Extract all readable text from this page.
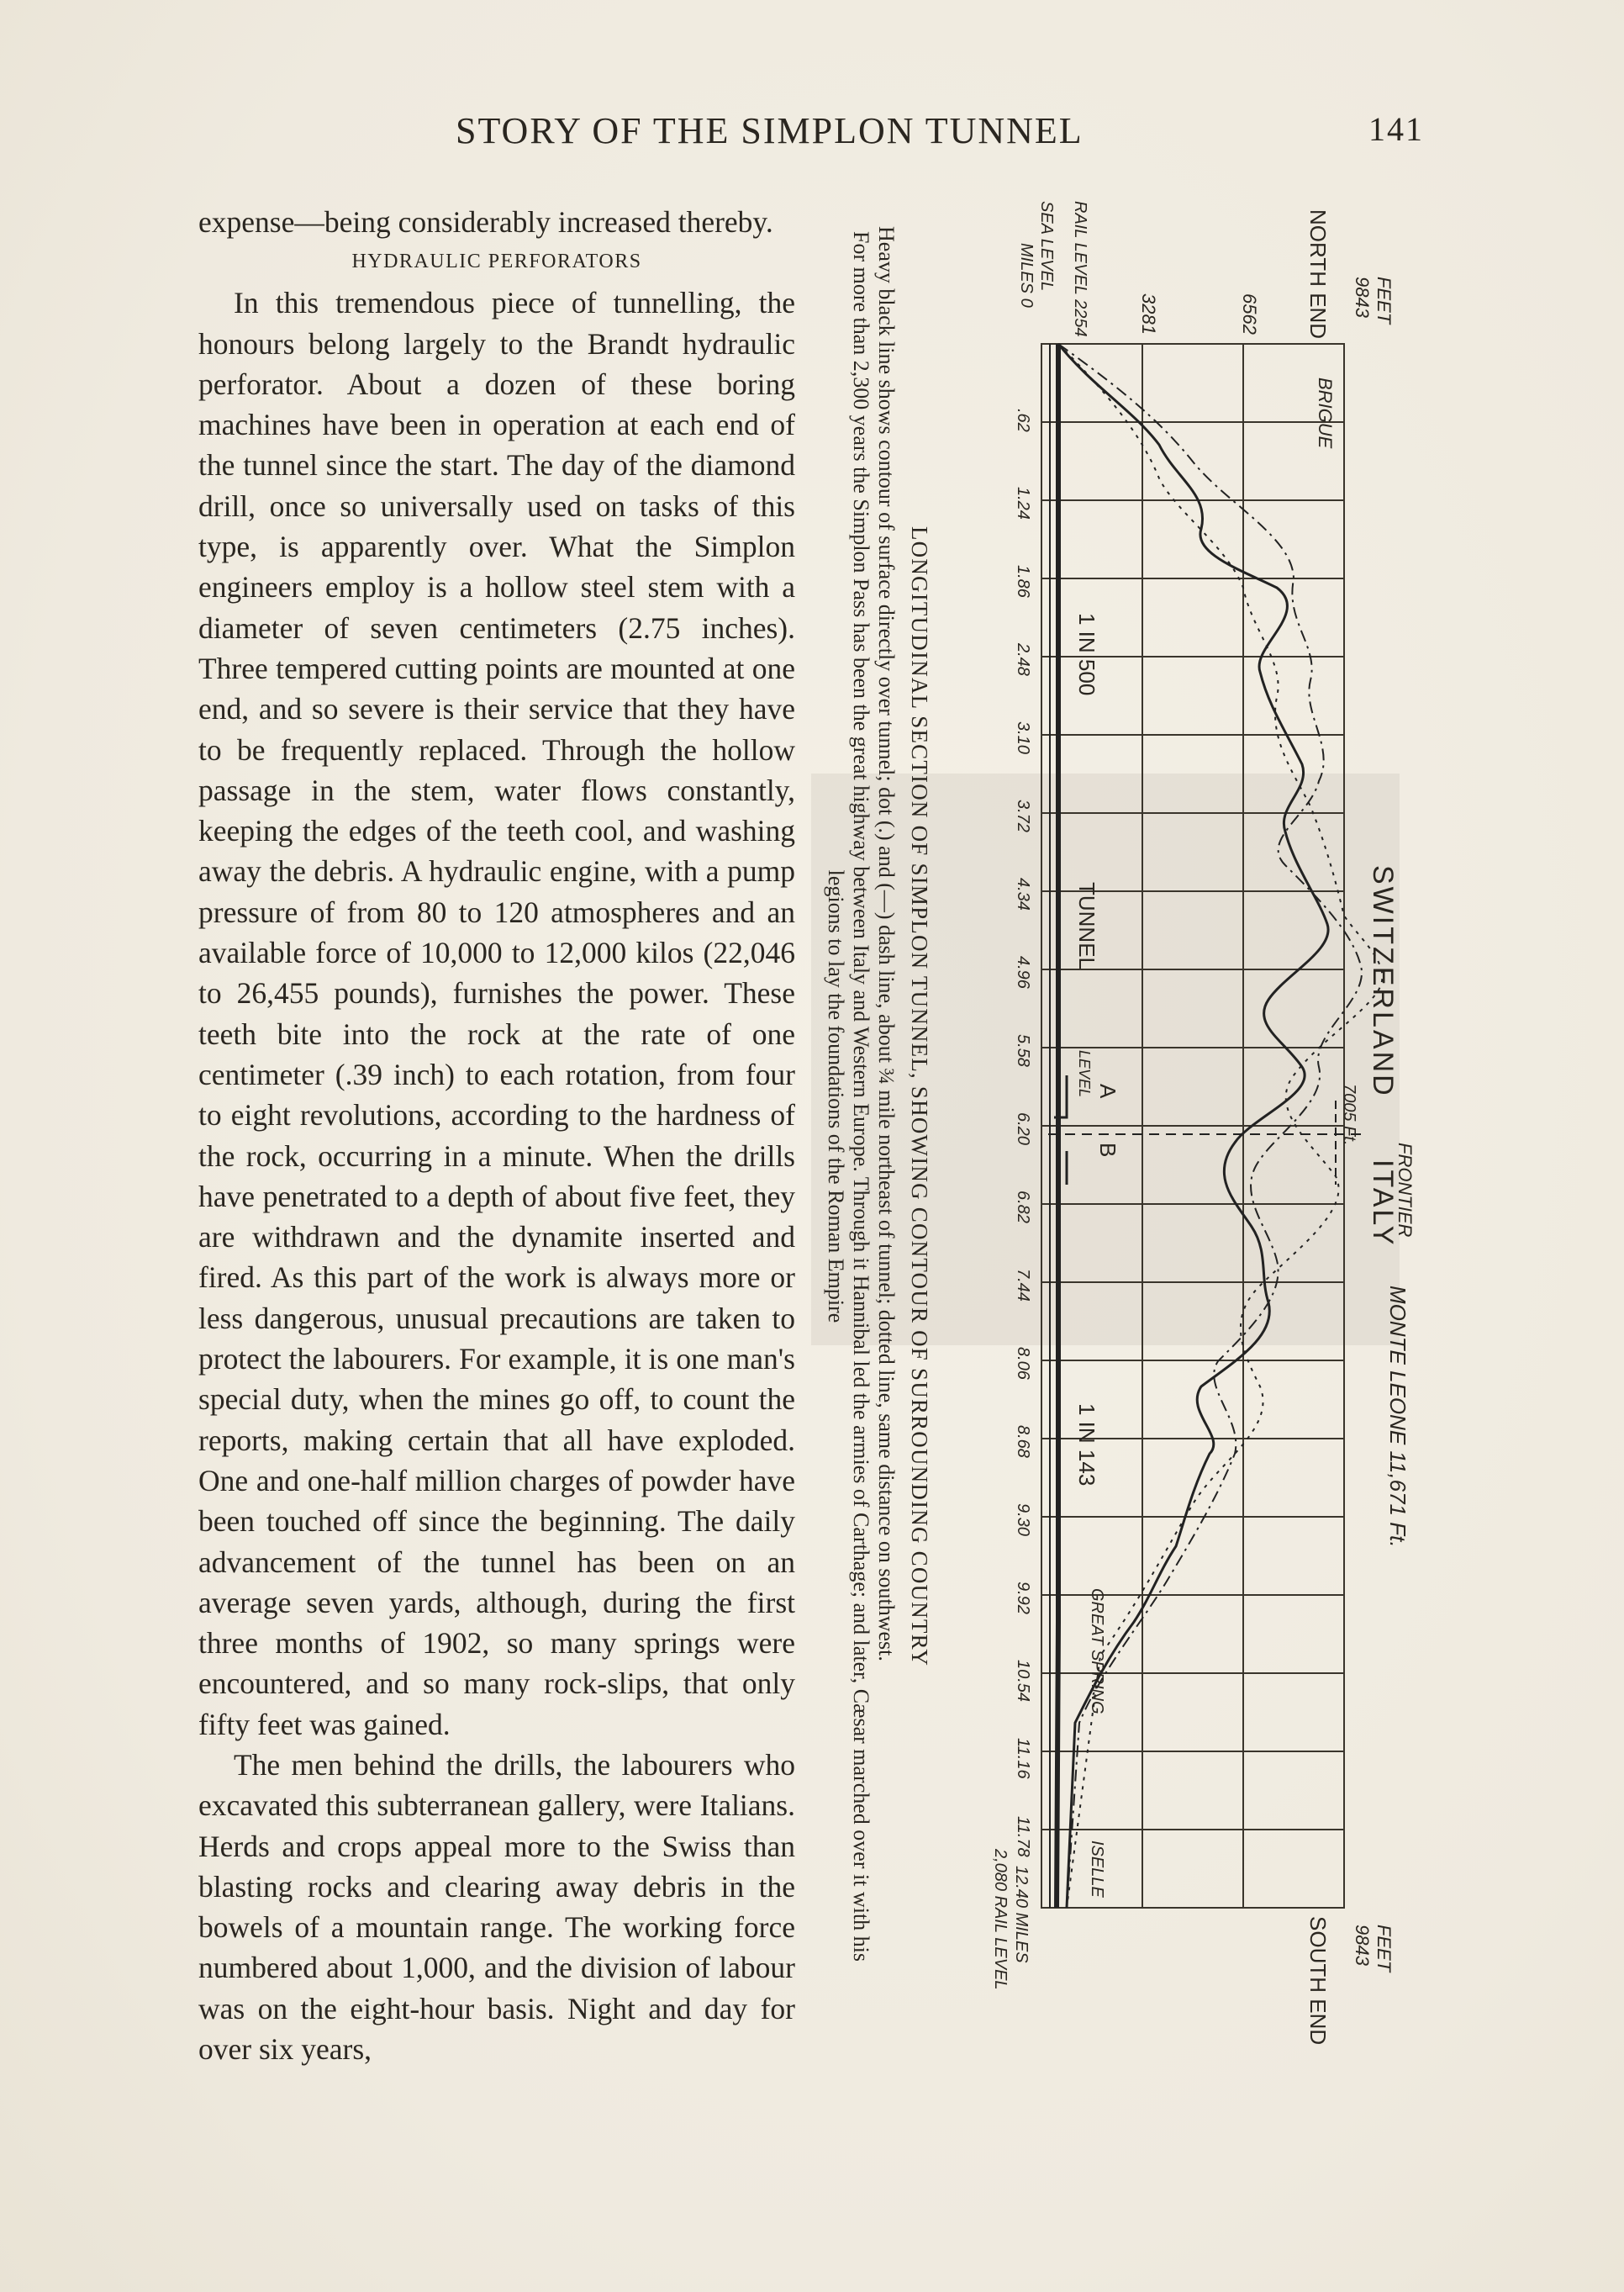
STORY OF THE SIMPLON TUNNEL	141

expense—being considerably increased thereby.

HYDRAULIC PERFORATORS

In this tremendous piece of tunnelling, the honours belong largely to the Brandt hydraulic perforator. About a dozen of these boring machines have been in operation at each end of the tunnel since the start. The day of the diamond drill, once so universally used on tasks of this type, is apparently over. What the Simplon engineers employ is a hollow steel stem with a diameter of seven centimeters (2.75 inches). Three tempered cutting points are mounted at one end, and so severe is their service that they have to be frequently replaced. Through the hollow passage in the stem, water flows constantly, keeping the edges of the teeth cool, and washing away the debris. A hydraulic engine, with a pump pressure of from 80 to 120 atmospheres and an available force of 10,000 to 12,000 kilos (22,046 to 26,455 pounds), furnishes the power. These teeth bite into the rock at the rate of one centimeter (.39 inch) to each rotation, from four to eight revolutions, according to the hardness of the rock, occurring in a minute. When the drills have penetrated to a depth of about five feet, they are withdrawn and the dynamite inserted and fired. As this part of the work is always more or less dangerous, unusual precautions are taken to protect the labourers. For example, it is one man's special duty, when the mines go off, to count the reports, making certain that all have exploded. One and one-half million charges of powder have been touched off since the beginning. The daily advancement of the tunnel has been on an average seven yards, although, during the first three months of 1902, so many springs were encountered, and so many rock-slips, that only fifty feet was gained.

The men behind the drills, the labourers who excavated this subterranean gallery, were Italians. Herds and crops appeal more to the Swiss than blasting rocks and clearing away debris in the bowels of a mountain range. The working force numbered about 1,000, and the division of labour was on the eight-hour basis. Night and day for over six years,

FEET
9843
6562
3281	NORTH END
RAIL LEVEL 2254
SEA LEVEL
MILES 0
.62
1.24
1.86
2.48
3.10
3.72
4.34
4.96
5.58
6.20
6.82
7.44
8.06
8.68
9.30
9.92
10.54
11.16
11.78
FEET
9843
SOUTH END
12.40 MILES
2,080 RAIL LEVEL
BRIGUE
1 IN 500
1 IN 143
TUNNEL	SWITZERLAND
ITALY
FRONTIER
7005 Ft.
LEVEL A
B
MONTE LEONE 11,671 Ft.
GREAT SPRING
ISELLE
LONGITUDINAL SECTION OF SIMPLON TUNNEL, SHOWING CONTOUR OF SURROUNDING COUNTRY
Heavy black line shows contour of surface directly over tunnel; dot (.) and (—) dash line, about ¾ mile northeast of tunnel; dotted line, same distance on southwest.
For more than 2,300 years the Simplon Pass has been the great highway between Italy and Western Europe. Through it Hannibal led the armies of Carthage; and later, Cæsar marched over it with his legions to lay the foundations of the Roman Empire
